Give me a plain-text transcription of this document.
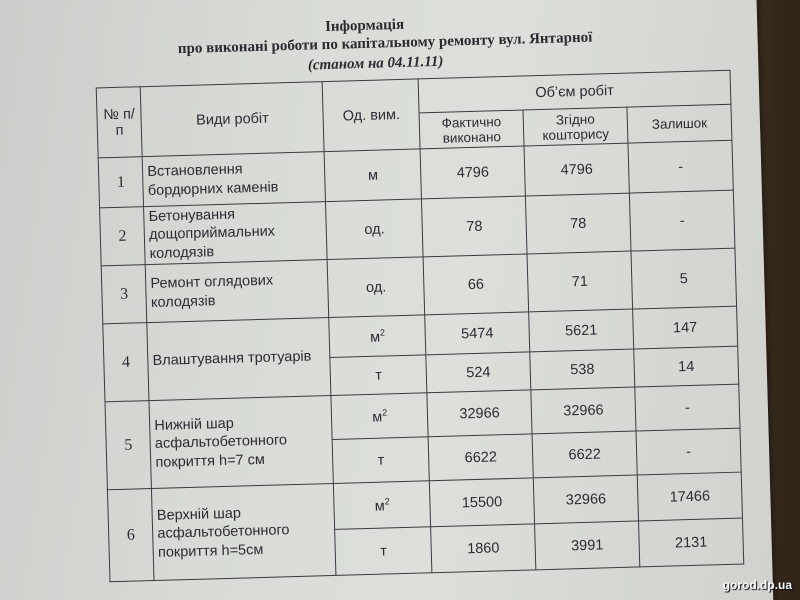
Інформація
про виконані роботи по капітальному ремонту вул. Янтарної
(станом на 04.11.11)
№ п/п	Види робіт	Од. вим.	Об’єм робіт		
			Фактично виконано	Згідно кошторису	Залишок
1	Встановлення бордюрних каменів	м	4796	4796	-
2	Бетонування дощоприймальних колодязів	од.	78	78	-
3	Ремонт оглядових колодязів	од.	66	71	5
4	Влаштування тротуарів	$м^2$	5474	5621	147
		т	524	538	14
5	Нижній шар асфальтобетонного покриття h=7 см	$м^2$	32966	32966	-
		т	6622	6622	-
6	Верхній шар асфальтобетонного покриття h=5см	$м^2$	15500	32966	17466
		т	1860	3991	2131
gorod.dp.ua
